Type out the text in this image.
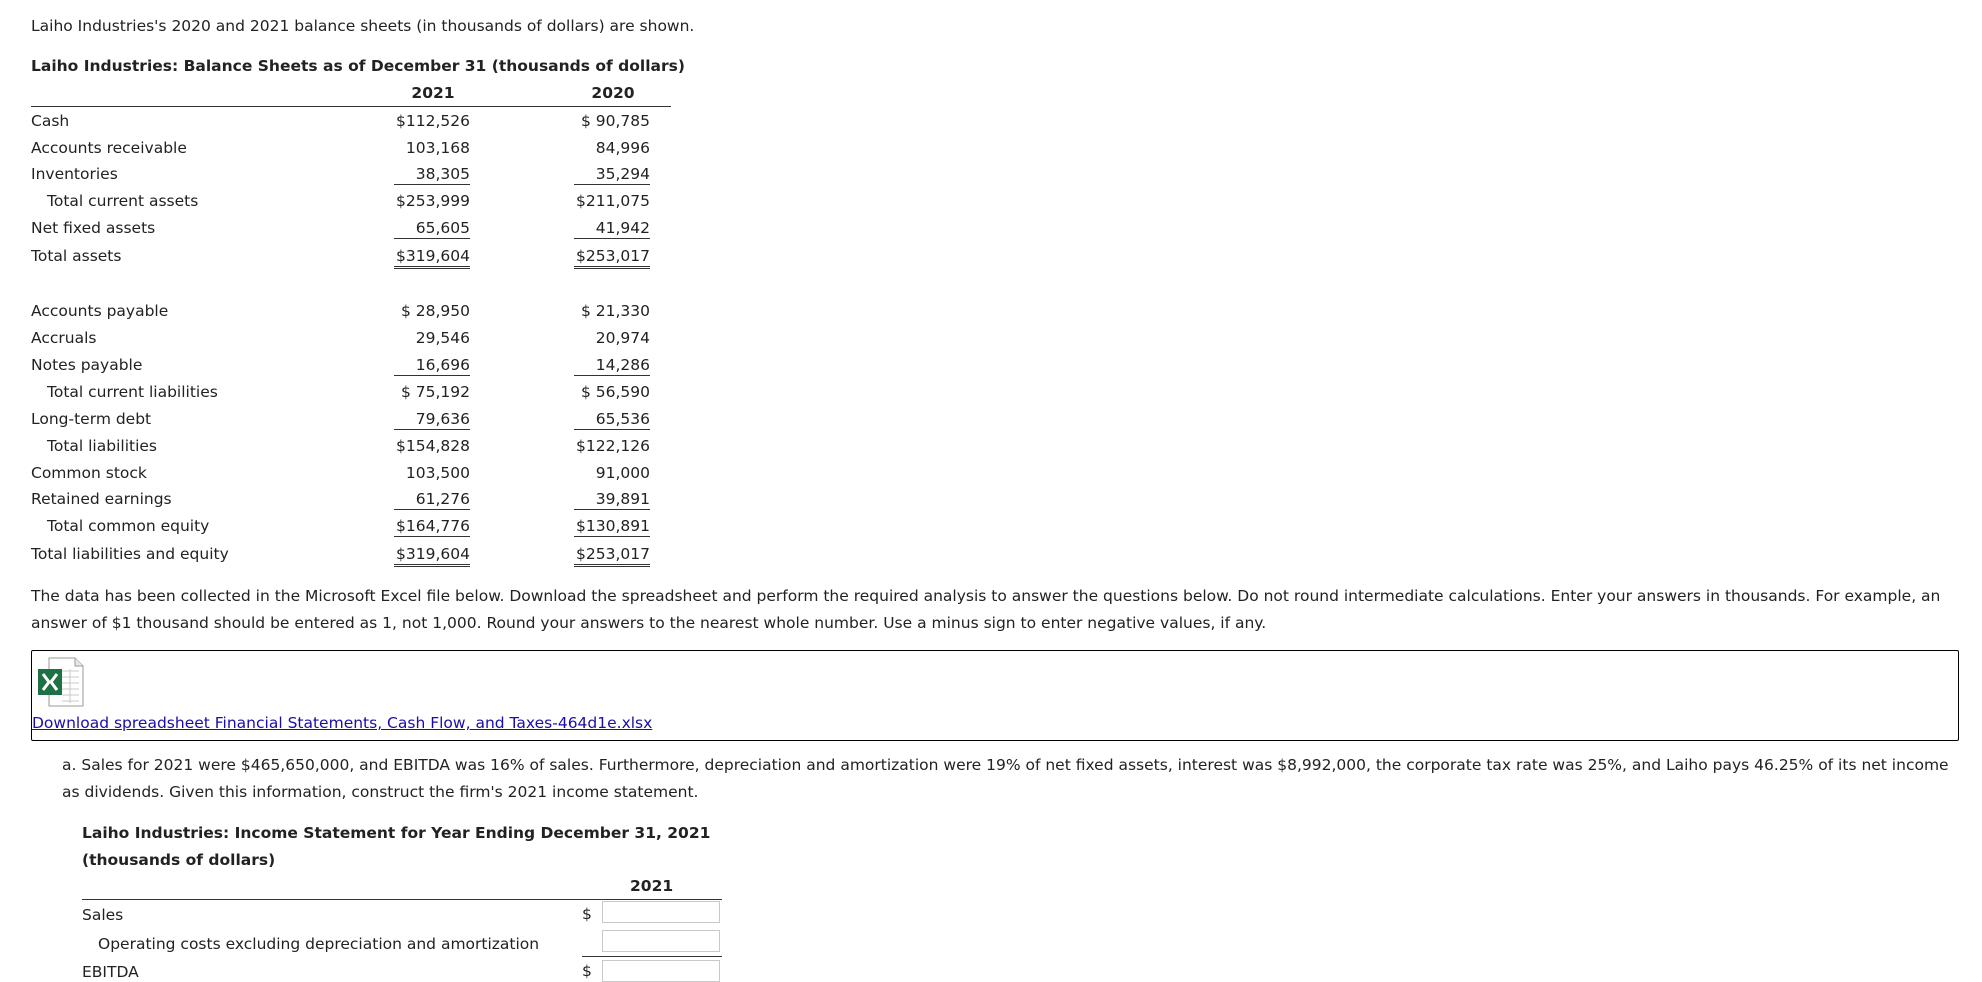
Laiho Industries's 2020 and 2021 balance sheets (in thousands of dollars) are shown.
Laiho Industries: Balance Sheets as of December 31 (thousands of dollars)
2021	2020
Cash	$112,526	$ 90,785
Accounts receivable	103,168	84,996
Inventories	38,305	35,294
Total current assets	$253,999	$211,075
Net fixed assets	65,605	41,942
Total assets	$319,604	$253,017
Accounts payable	$ 28,950	$ 21,330
Accruals	29,546	20,974
Notes payable	16,696	14,286
Total current liabilities	$ 75,192	$ 56,590
Long-term debt	79,636	65,536
Total liabilities	$154,828	$122,126
Common stock	103,500	91,000
Retained earnings	61,276	39,891
Total common equity	$164,776	$130,891
Total liabilities and equity	$319,604	$253,017
The data has been collected in the Microsoft Excel file below. Download the spreadsheet and perform the required analysis to answer the questions below. Do not round intermediate calculations. Enter your answers in thousands. For example, an answer of $1 thousand should be entered as 1, not 1,000. Round your answers to the nearest whole number. Use a minus sign to enter negative values, if any.
Download spreadsheet Financial Statements, Cash Flow, and Taxes-464d1e.xlsx
a. Sales for 2021 were $465,650,000, and EBITDA was 16% of sales. Furthermore, depreciation and amortization were 19% of net fixed assets, interest was $8,992,000, the corporate tax rate was 25%, and Laiho pays 46.25% of its net income as dividends. Given this information, construct the firm's 2021 income statement.
Laiho Industries: Income Statement for Year Ending December 31, 2021
(thousands of dollars)
2021
Sales	$
Operating costs excluding depreciation and amortization
EBITDA	$
